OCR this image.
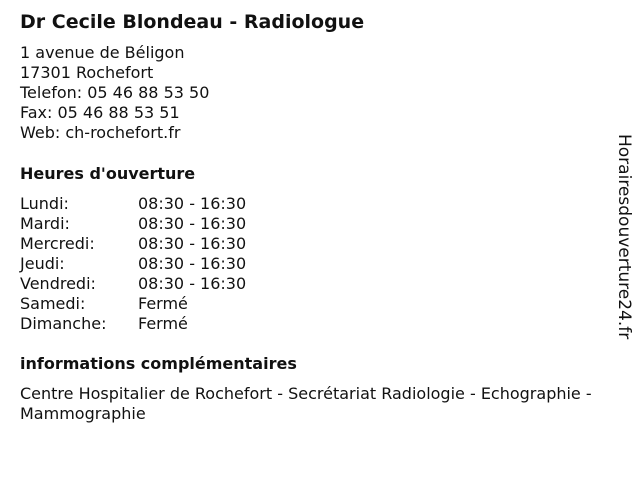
Dr Cecile Blondeau - Radiologue
1 avenue de Béligon
17301 Rochefort
Telefon: 05 46 88 53 50
Fax: 05 46 88 53 51
Web: ch-rochefort.fr
Heures d'ouverture
Lundi:	08:30 - 16:30
Mardi:	08:30 - 16:30
Mercredi:	08:30 - 16:30
Jeudi:	08:30 - 16:30
Vendredi:	08:30 - 16:30
Samedi:	Fermé
Dimanche: Fermé
informations complémentaires
Centre Hospitalier de Rochefort - Secrétariat Radiologie - Echographie - Mammographie
Horairesdouverture24.fr
